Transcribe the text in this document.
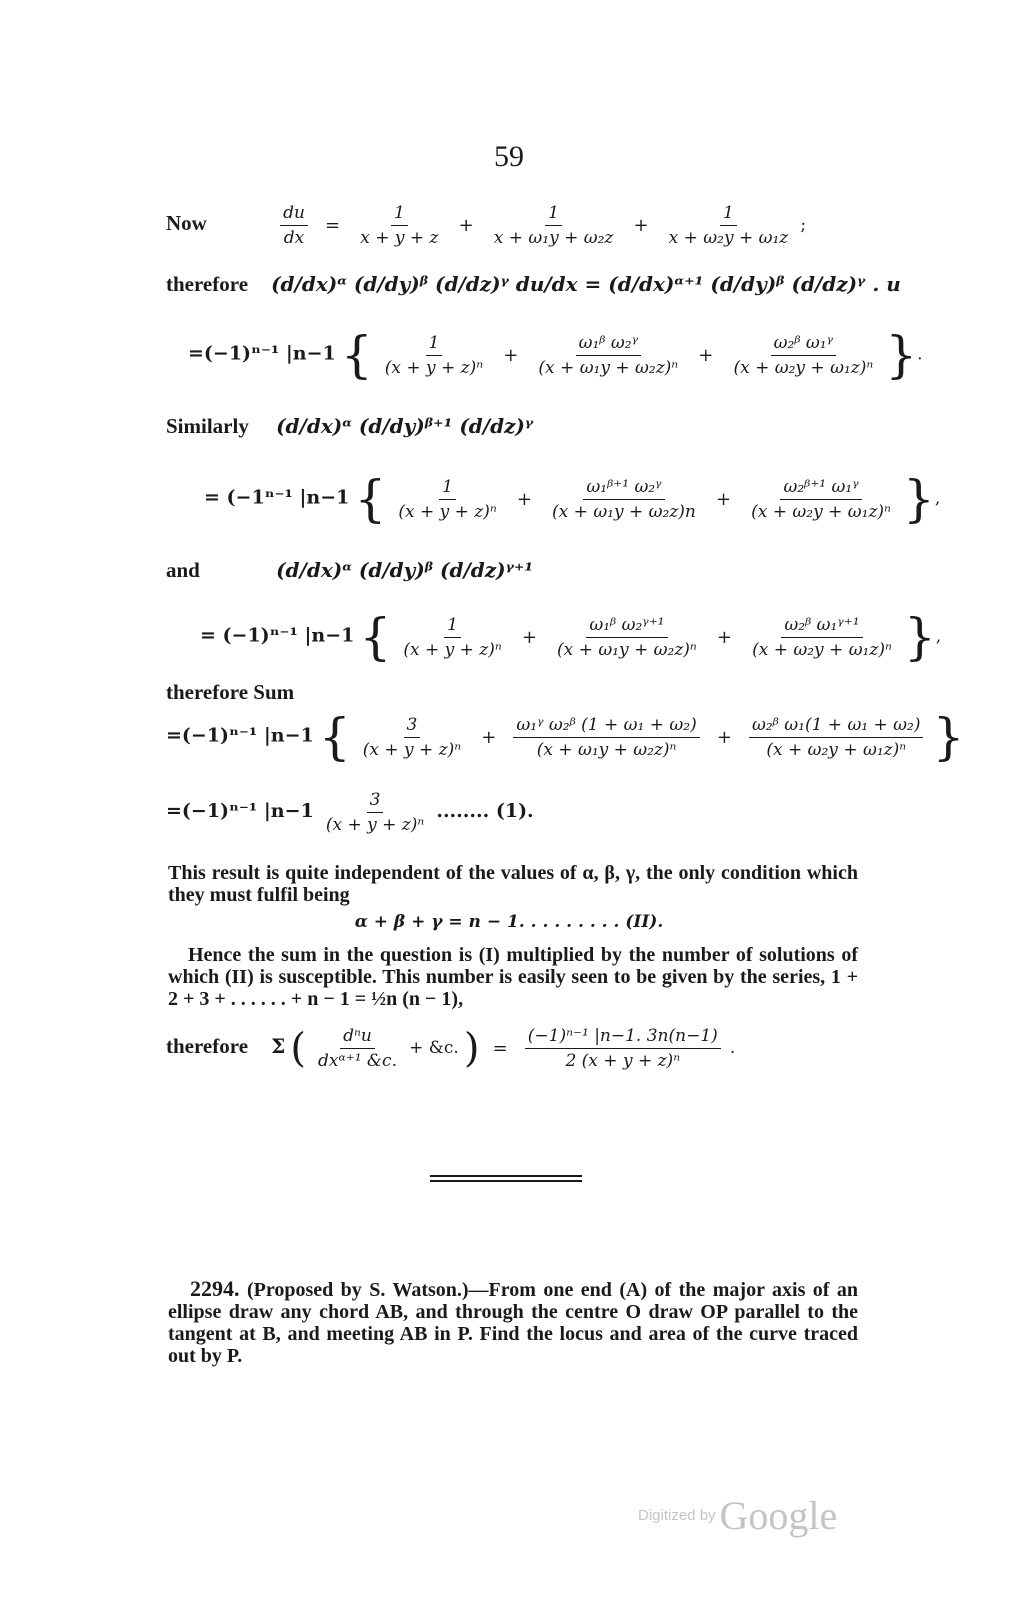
59
Now	$\frac{du}{dx} = \frac{1}{x + y + z} + \frac{1}{\text{x + ω₁y + ω₂z}} + \frac{1}{\text{x + ω₂y + ω₁z}}$ ;
therefore (d/dx)ᵅ (d/dy)ᵝ (d/dz)ᵞ du/dx = (d/dx)ᵅ⁺¹ (d/dy)ᵝ (d/dz)ᵞ . u
=(−1)ⁿ⁻¹ |n−1 { $\frac{1}{\text{(x + y + z)ⁿ}} + \frac{\text{ω₁ᵝ ω₂ᵞ}}{\text{(x + ω₁y + ω₂z)ⁿ}} + \frac{\text{ω₂ᵝ ω₁ᵞ}}{\text{(x + ω₂y + ω₁z)ⁿ}}$ }.
Similarly (d/dx)ᵅ (d/dy)ᵝ⁺¹ (d/dz)ᵞ
= (−1ⁿ⁻¹ |n−1 { $\frac{1}{\text{(x + y + z)ⁿ}} + \frac{\text{ω₁ᵝ⁺¹ ω₂ᵞ}}{\text{(x + ω₁y + ω₂z)n}} + \frac{\text{ω₂ᵝ⁺¹ ω₁ᵞ}}{\text{(x + ω₂y + ω₁z)ⁿ}}$ },
and	(d/dx)ᵅ (d/dy)ᵝ (d/dz)ᵞ⁺¹
= (−1)ⁿ⁻¹ |n−1 { $\frac{1}{\text{(x + y + z)ⁿ}} + \frac{\text{ω₁ᵝ ω₂ᵞ⁺¹}}{\text{(x + ω₁y + ω₂z)ⁿ}} + \frac{\text{ω₂ᵝ ω₁ᵞ⁺¹}}{\text{(x + ω₂y + ω₁z)ⁿ}}$ },
therefore Sum
=(−1)ⁿ⁻¹ |n−1 { $\frac{3}{\text{(x + y + z)ⁿ}} + \frac{\text{ω₁ᵞ ω₂ᵝ (1 + ω₁ + ω₂)}}{\text{(x + ω₁y + ω₂z)ⁿ}} + \frac{\text{ω₂ᵝ ω₁(1 + ω₁ + ω₂)}}{\text{(x + ω₂y + ω₁z)ⁿ}}$ }
=(−1)ⁿ⁻¹ $|n-1 \frac{3}{\text{(x + y + z)ⁿ}}$ ........ (1).
This result is quite independent of the values of α, β, γ, the only condition which they must fulfil being
α + β + γ = n − 1. . . . . . . . . (II).
Hence the sum in the question is (I) multiplied by the number of solutions of which (II) is susceptible. This number is easily seen to be given by the series, 1 + 2 + 3 + . . . . . . + n − 1 = ½n (n − 1),
therefore Σ ( $\frac{\text{dⁿu}}{\text{dxᵅ⁺¹ \&c.}}$ + &c. ) = $\frac{\text{(−1)ⁿ⁻¹ |n−1. 3n(n−1)}}{\text{2 (x + y + z)ⁿ}}$ .
2294. (Proposed by S. Watson.)—From one end (A) of the major axis of an ellipse draw any chord AB, and through the centre O draw OP parallel to the tangent at B, and meeting AB in P. Find the locus and area of the curve traced out by P.
Digitized by Google
